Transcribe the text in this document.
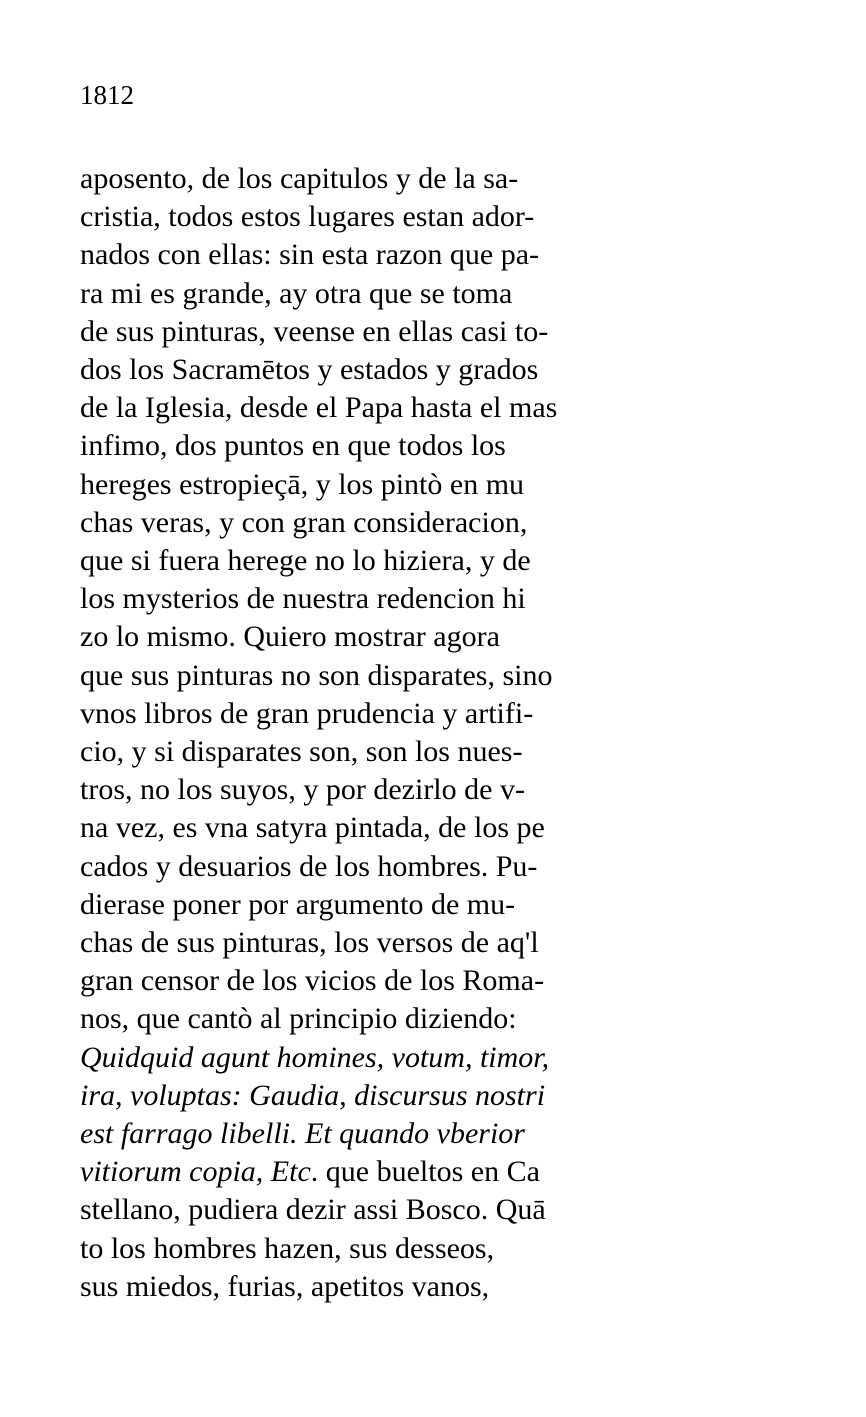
1812

aposento, de los capitulos y de la sa-
cristia, todos estos lugares estan ador-
nados con ellas: sin esta razon que pa-
ra mi es grande, ay otra que se toma
de sus pinturas, veense en ellas casi to-
dos los Sacramētos y estados y grados
de la Iglesia, desde el Papa hasta el mas
infimo, dos puntos en que todos los
hereges estropieçā, y los pintò en mu
chas veras, y con gran consideracion,
que si fuera herege no lo hiziera, y de
los mysterios de nuestra redencion hi
zo lo mismo. Quiero mostrar agora
que sus pinturas no son disparates, sino
vnos libros de gran prudencia y artifi-
cio, y si disparates son, son los nues-
tros, no los suyos, y por dezirlo de v-
na vez, es vna satyra pintada, de los pe
cados y desuarios de los hombres. Pu-
dierase poner por argumento de mu-
chas de sus pinturas, los versos de aq'l
gran censor de los vicios de los Roma-
nos, que cantò al principio diziendo:
Quidquid agunt homines, votum, timor,
ira, voluptas: Gaudia, discursus nostri
est farrago libelli. Et quando vberior
vitiorum copia, Etc. que bueltos en Ca
stellano, pudiera dezir assi Bosco. Quā
to los hombres hazen, sus desseos,
sus miedos, furias, apetitos vanos,
